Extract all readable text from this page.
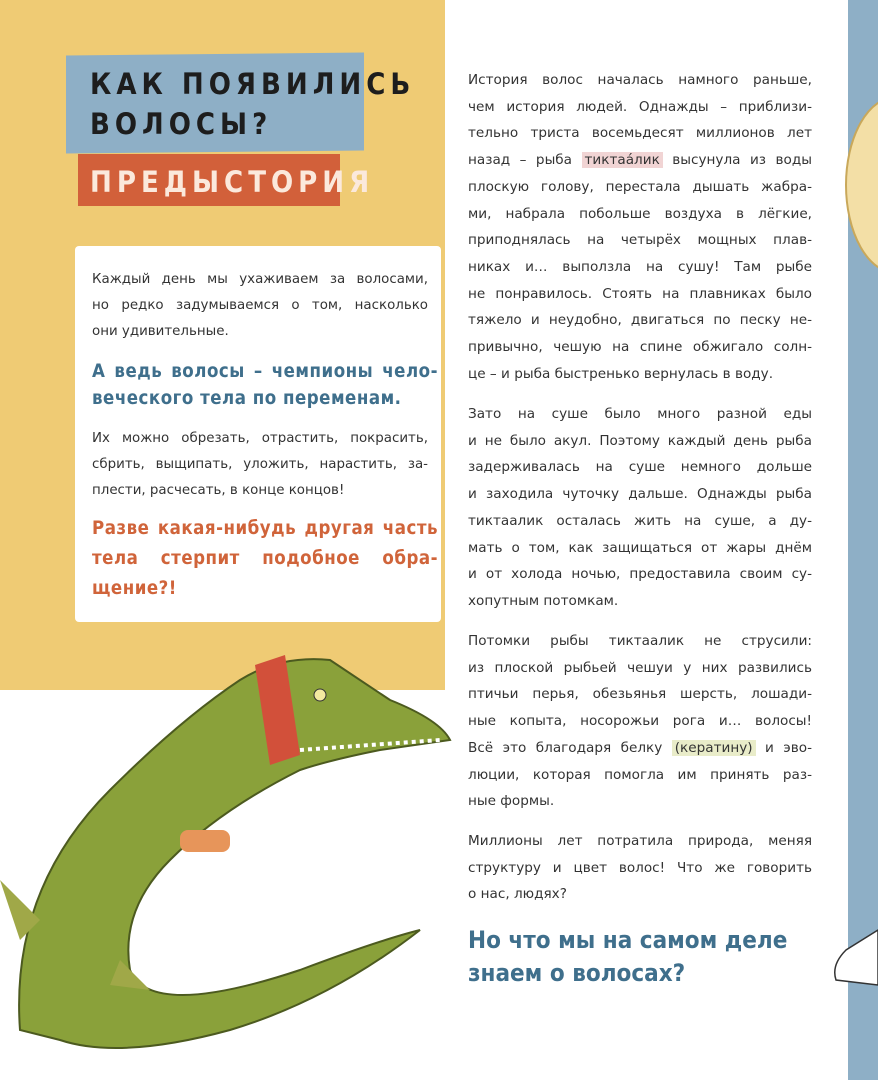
КАК ПОЯВИЛИСЬ
ВОЛОСЫ?
ПРЕДЫСТОРИЯ
Каждый день мы ухаживаем за волосами,
но редко задумываемся о том, насколько
они удивительные.
А ведь волосы – чемпионы чело-
веческого тела по переменам.
Их можно обрезать, отрастить, покрасить,
сбрить, выщипать, уложить, нарастить, за-
плести, расчесать, в конце концов!
Разве какая-нибудь другая часть
тела стерпит подобное обра-
щение?!
История волос началась намного раньше,
чем история людей. Однажды – приблизи-
тельно триста восемьдесят миллионов лет
назад – рыба тиктаа́лик высунула из воды
плоскую голову, перестала дышать жабра-
ми, набрала побольше воздуха в лёгкие,
приподнялась на четырёх мощных плав-
никах и… выползла на сушу! Там рыбе
не понравилось. Стоять на плавниках было
тяжело и неудобно, двигаться по песку не-
привычно, чешую на спине обжигало солн-
це – и рыба быстренько вернулась в воду.
Зато на суше было много разной еды
и не было акул. Поэтому каждый день рыба
задерживалась на суше немного дольше
и заходила чуточку дальше. Однажды рыба
тиктаалик осталась жить на суше, а ду-
мать о том, как защищаться от жары днём
и от холода ночью, предоставила своим су-
хопутным потомкам.
Потомки рыбы тиктаалик не струсили:
из плоской рыбьей чешуи у них развились
птичьи перья, обезьянья шерсть, лошади-
ные копыта, носорожьи рога и… волосы!
Всё это благодаря белку (кератину) и эво-
люции, которая помогла им принять раз-
ные формы.
Миллионы лет потратила природа, меняя
структуру и цвет волос! Что же говорить
о нас, людях?
Но что мы на самом деле
знаем о волосах?
